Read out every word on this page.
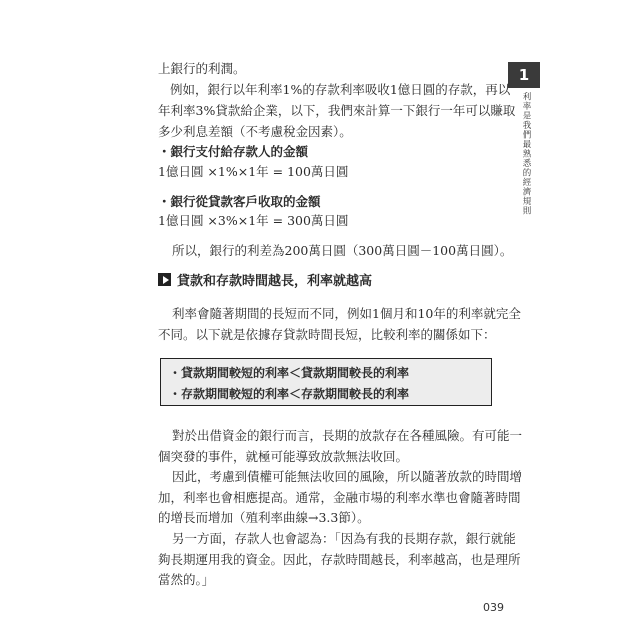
1
利率是我們最熟悉的經濟規則
上銀行的利潤。
例如，銀行以年利率1%的存款利率吸收1億日圓的存款，再以
年利率3%貸款給企業，以下，我們來計算一下銀行一年可以賺取
多少利息差額（不考慮稅金因素）。
・銀行支付給存款人的金額
1億日圓 ×1%×1年 = 100萬日圓
・銀行從貸款客戶收取的金額
1億日圓 ×3%×1年 = 300萬日圓
所以，銀行的利差為200萬日圓（300萬日圓－100萬日圓）。
貸款和存款時間越長，利率就越高
利率會隨著期間的長短而不同，例如1個月和10年的利率就完全
不同。以下就是依據存貸款時間長短，比較利率的關係如下：
・貸款期間較短的利率＜貸款期間較長的利率
・存款期間較短的利率＜存款期間較長的利率
對於出借資金的銀行而言，長期的放款存在各種風險。有可能一
個突發的事件，就極可能導致放款無法收回。
因此，考慮到債權可能無法收回的風險，所以隨著放款的時間增
加，利率也會相應提高。通常，金融市場的利率水準也會隨著時間
的增長而增加（殖利率曲線→3.3節）。
另一方面，存款人也會認為：「因為有我的長期存款，銀行就能
夠長期運用我的資金。因此，存款時間越長，利率越高，也是理所
當然的。」
039
